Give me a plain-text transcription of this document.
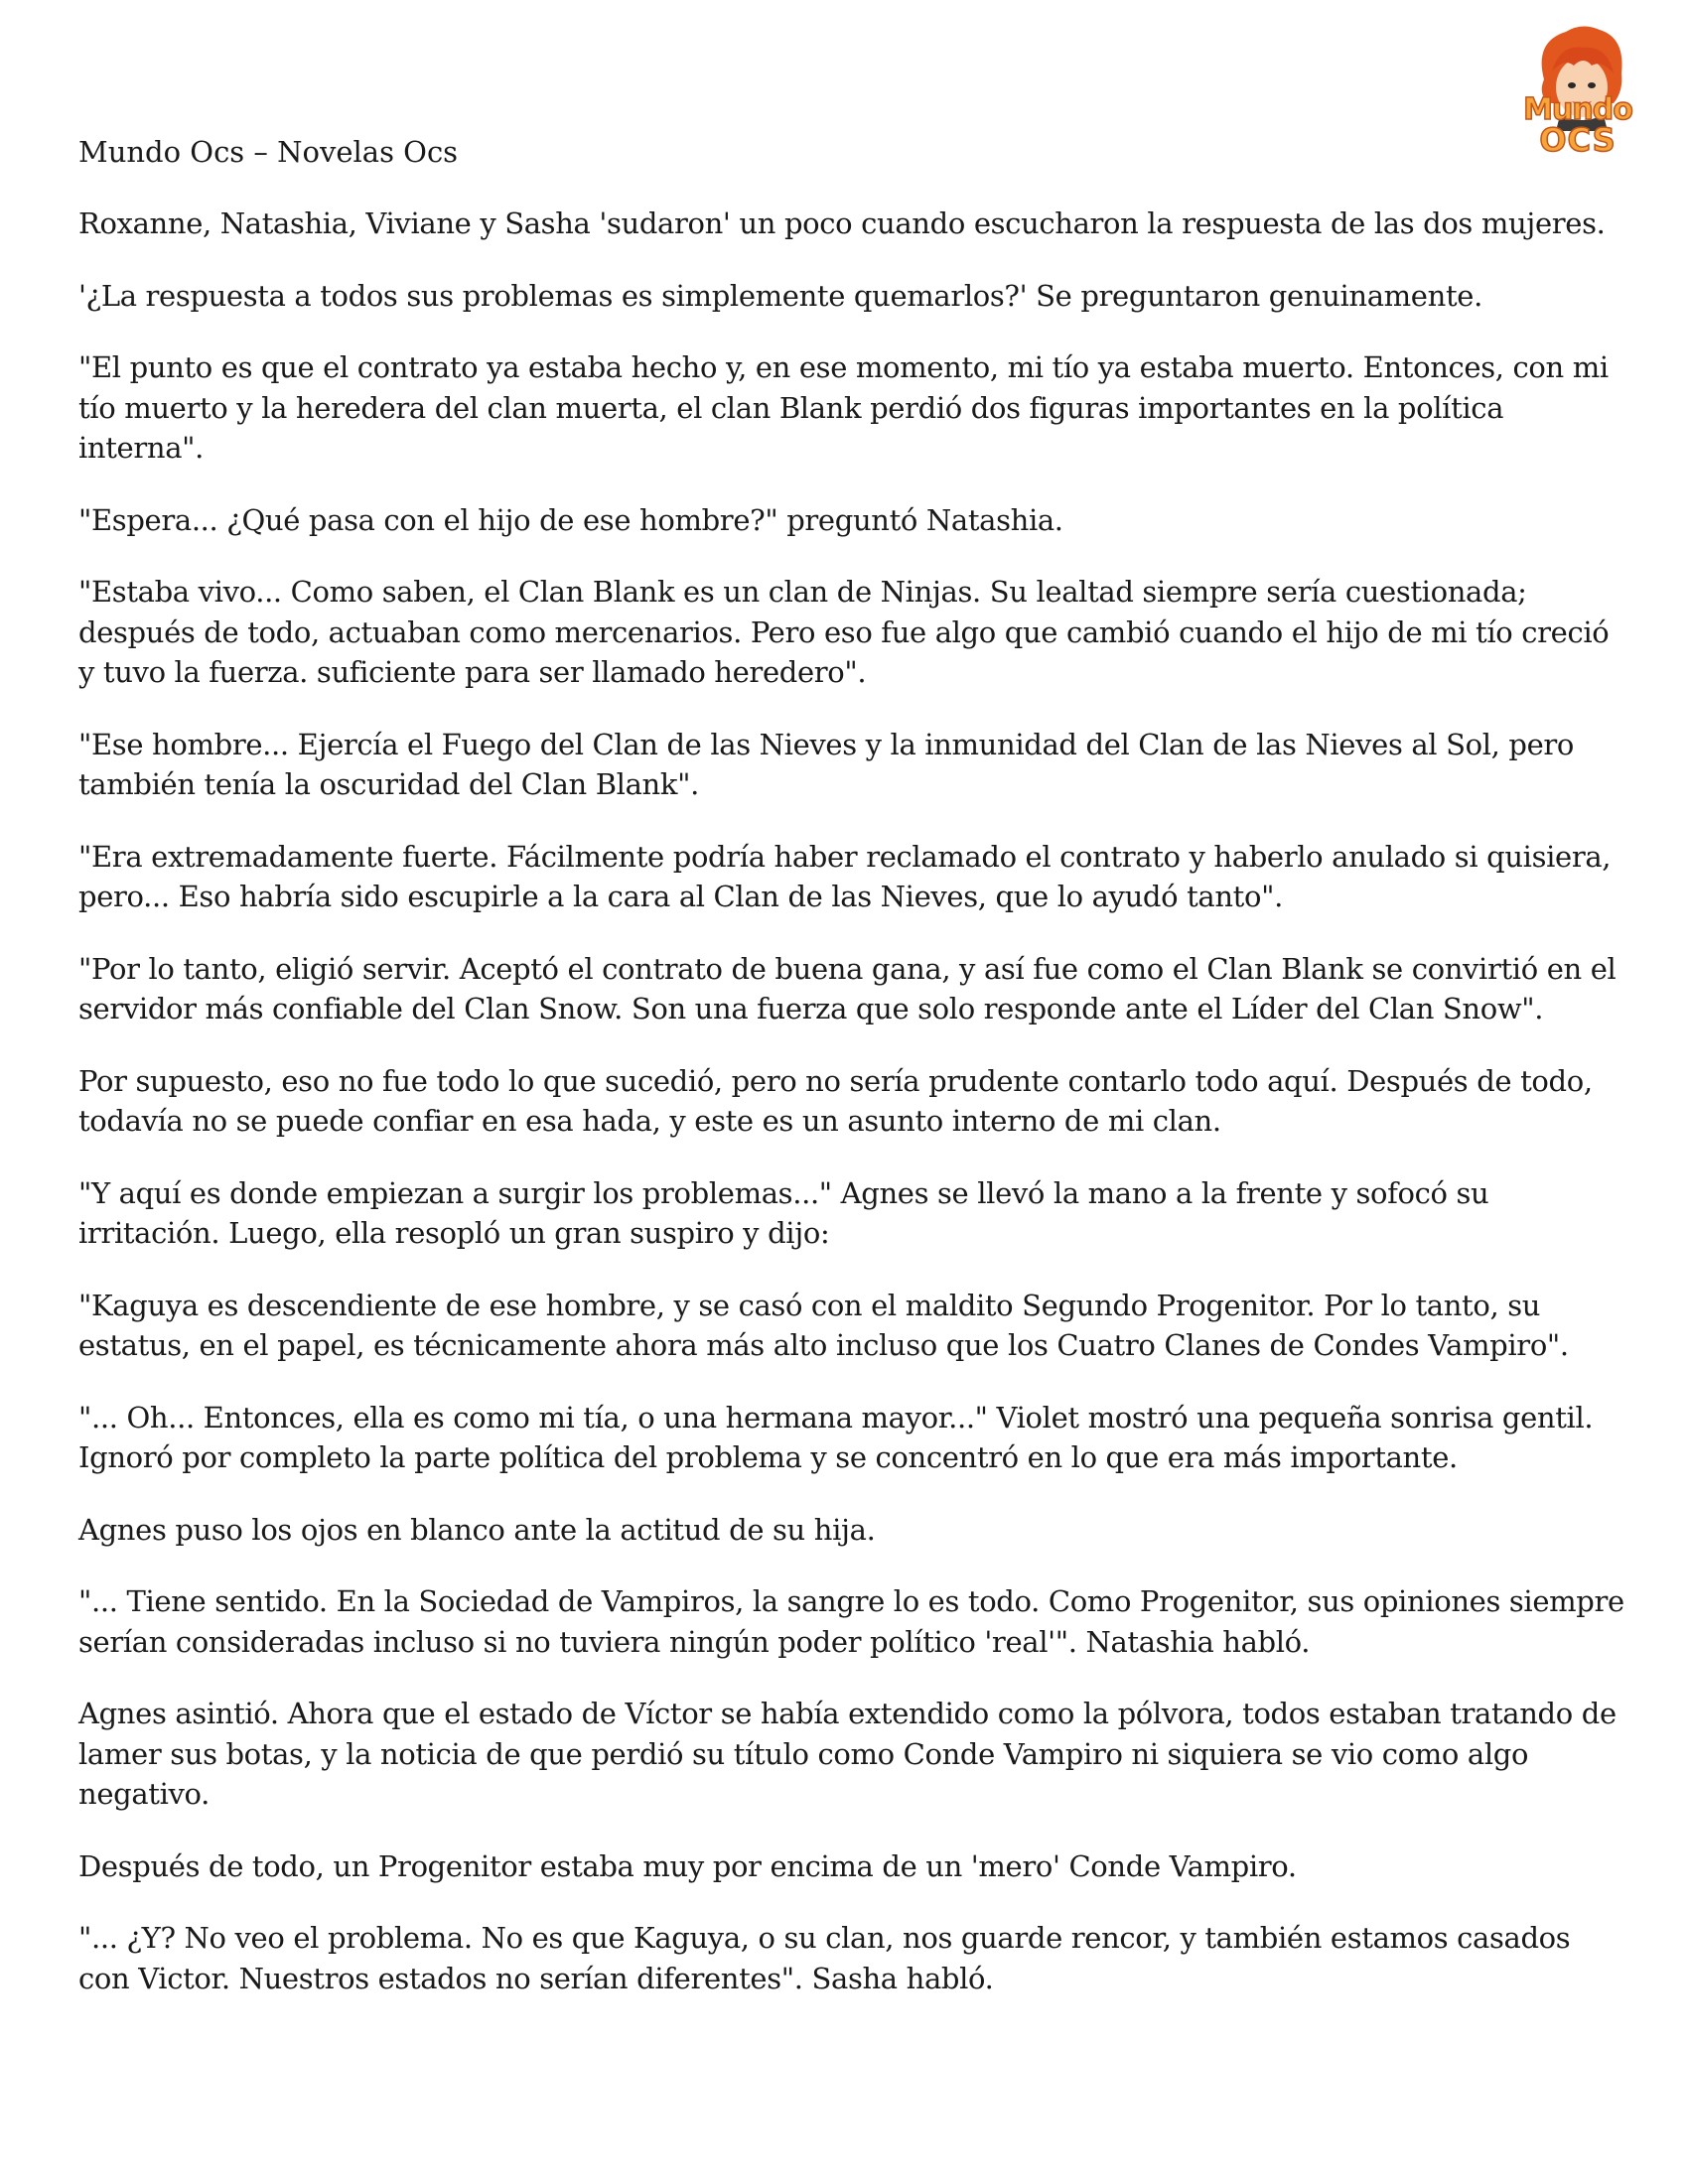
Mundo
OCS
Mundo Ocs – Novelas Ocs

Roxanne, Natashia, Viviane y Sasha 'sudaron' un poco cuando escucharon la respuesta de las dos mujeres.

'¿La respuesta a todos sus problemas es simplemente quemarlos?' Se preguntaron genuinamente.

"El punto es que el contrato ya estaba hecho y, en ese momento, mi tío ya estaba muerto. Entonces, con mi tío muerto y la heredera del clan muerta, el clan Blank perdió dos figuras importantes en la política interna".

"Espera... ¿Qué pasa con el hijo de ese hombre?" preguntó Natashia.

"Estaba vivo... Como saben, el Clan Blank es un clan de Ninjas. Su lealtad siempre sería cuestionada; después de todo, actuaban como mercenarios. Pero eso fue algo que cambió cuando el hijo de mi tío creció y tuvo la fuerza. suficiente para ser llamado heredero".

"Ese hombre... Ejercía el Fuego del Clan de las Nieves y la inmunidad del Clan de las Nieves al Sol, pero también tenía la oscuridad del Clan Blank".

"Era extremadamente fuerte. Fácilmente podría haber reclamado el contrato y haberlo anulado si quisiera, pero... Eso habría sido escupirle a la cara al Clan de las Nieves, que lo ayudó tanto".

"Por lo tanto, eligió servir. Aceptó el contrato de buena gana, y así fue como el Clan Blank se convirtió en el servidor más confiable del Clan Snow. Son una fuerza que solo responde ante el Líder del Clan Snow".

Por supuesto, eso no fue todo lo que sucedió, pero no sería prudente contarlo todo aquí. Después de todo, todavía no se puede confiar en esa hada, y este es un asunto interno de mi clan.

"Y aquí es donde empiezan a surgir los problemas..." Agnes se llevó la mano a la frente y sofocó su irritación. Luego, ella resopló un gran suspiro y dijo:

"Kaguya es descendiente de ese hombre, y se casó con el maldito Segundo Progenitor. Por lo tanto, su estatus, en el papel, es técnicamente ahora más alto incluso que los Cuatro Clanes de Condes Vampiro".

"... Oh... Entonces, ella es como mi tía, o una hermana mayor..." Violet mostró una pequeña sonrisa gentil. Ignoró por completo la parte política del problema y se concentró en lo que era más importante.

Agnes puso los ojos en blanco ante la actitud de su hija.

"... Tiene sentido. En la Sociedad de Vampiros, la sangre lo es todo. Como Progenitor, sus opiniones siempre serían consideradas incluso si no tuviera ningún poder político 'real'". Natashia habló.

Agnes asintió. Ahora que el estado de Víctor se había extendido como la pólvora, todos estaban tratando de lamer sus botas, y la noticia de que perdió su título como Conde Vampiro ni siquiera se vio como algo negativo.

Después de todo, un Progenitor estaba muy por encima de un 'mero' Conde Vampiro.

"... ¿Y? No veo el problema. No es que Kaguya, o su clan, nos guarde rencor, y también estamos casados con Victor. Nuestros estados no serían diferentes". Sasha habló.
